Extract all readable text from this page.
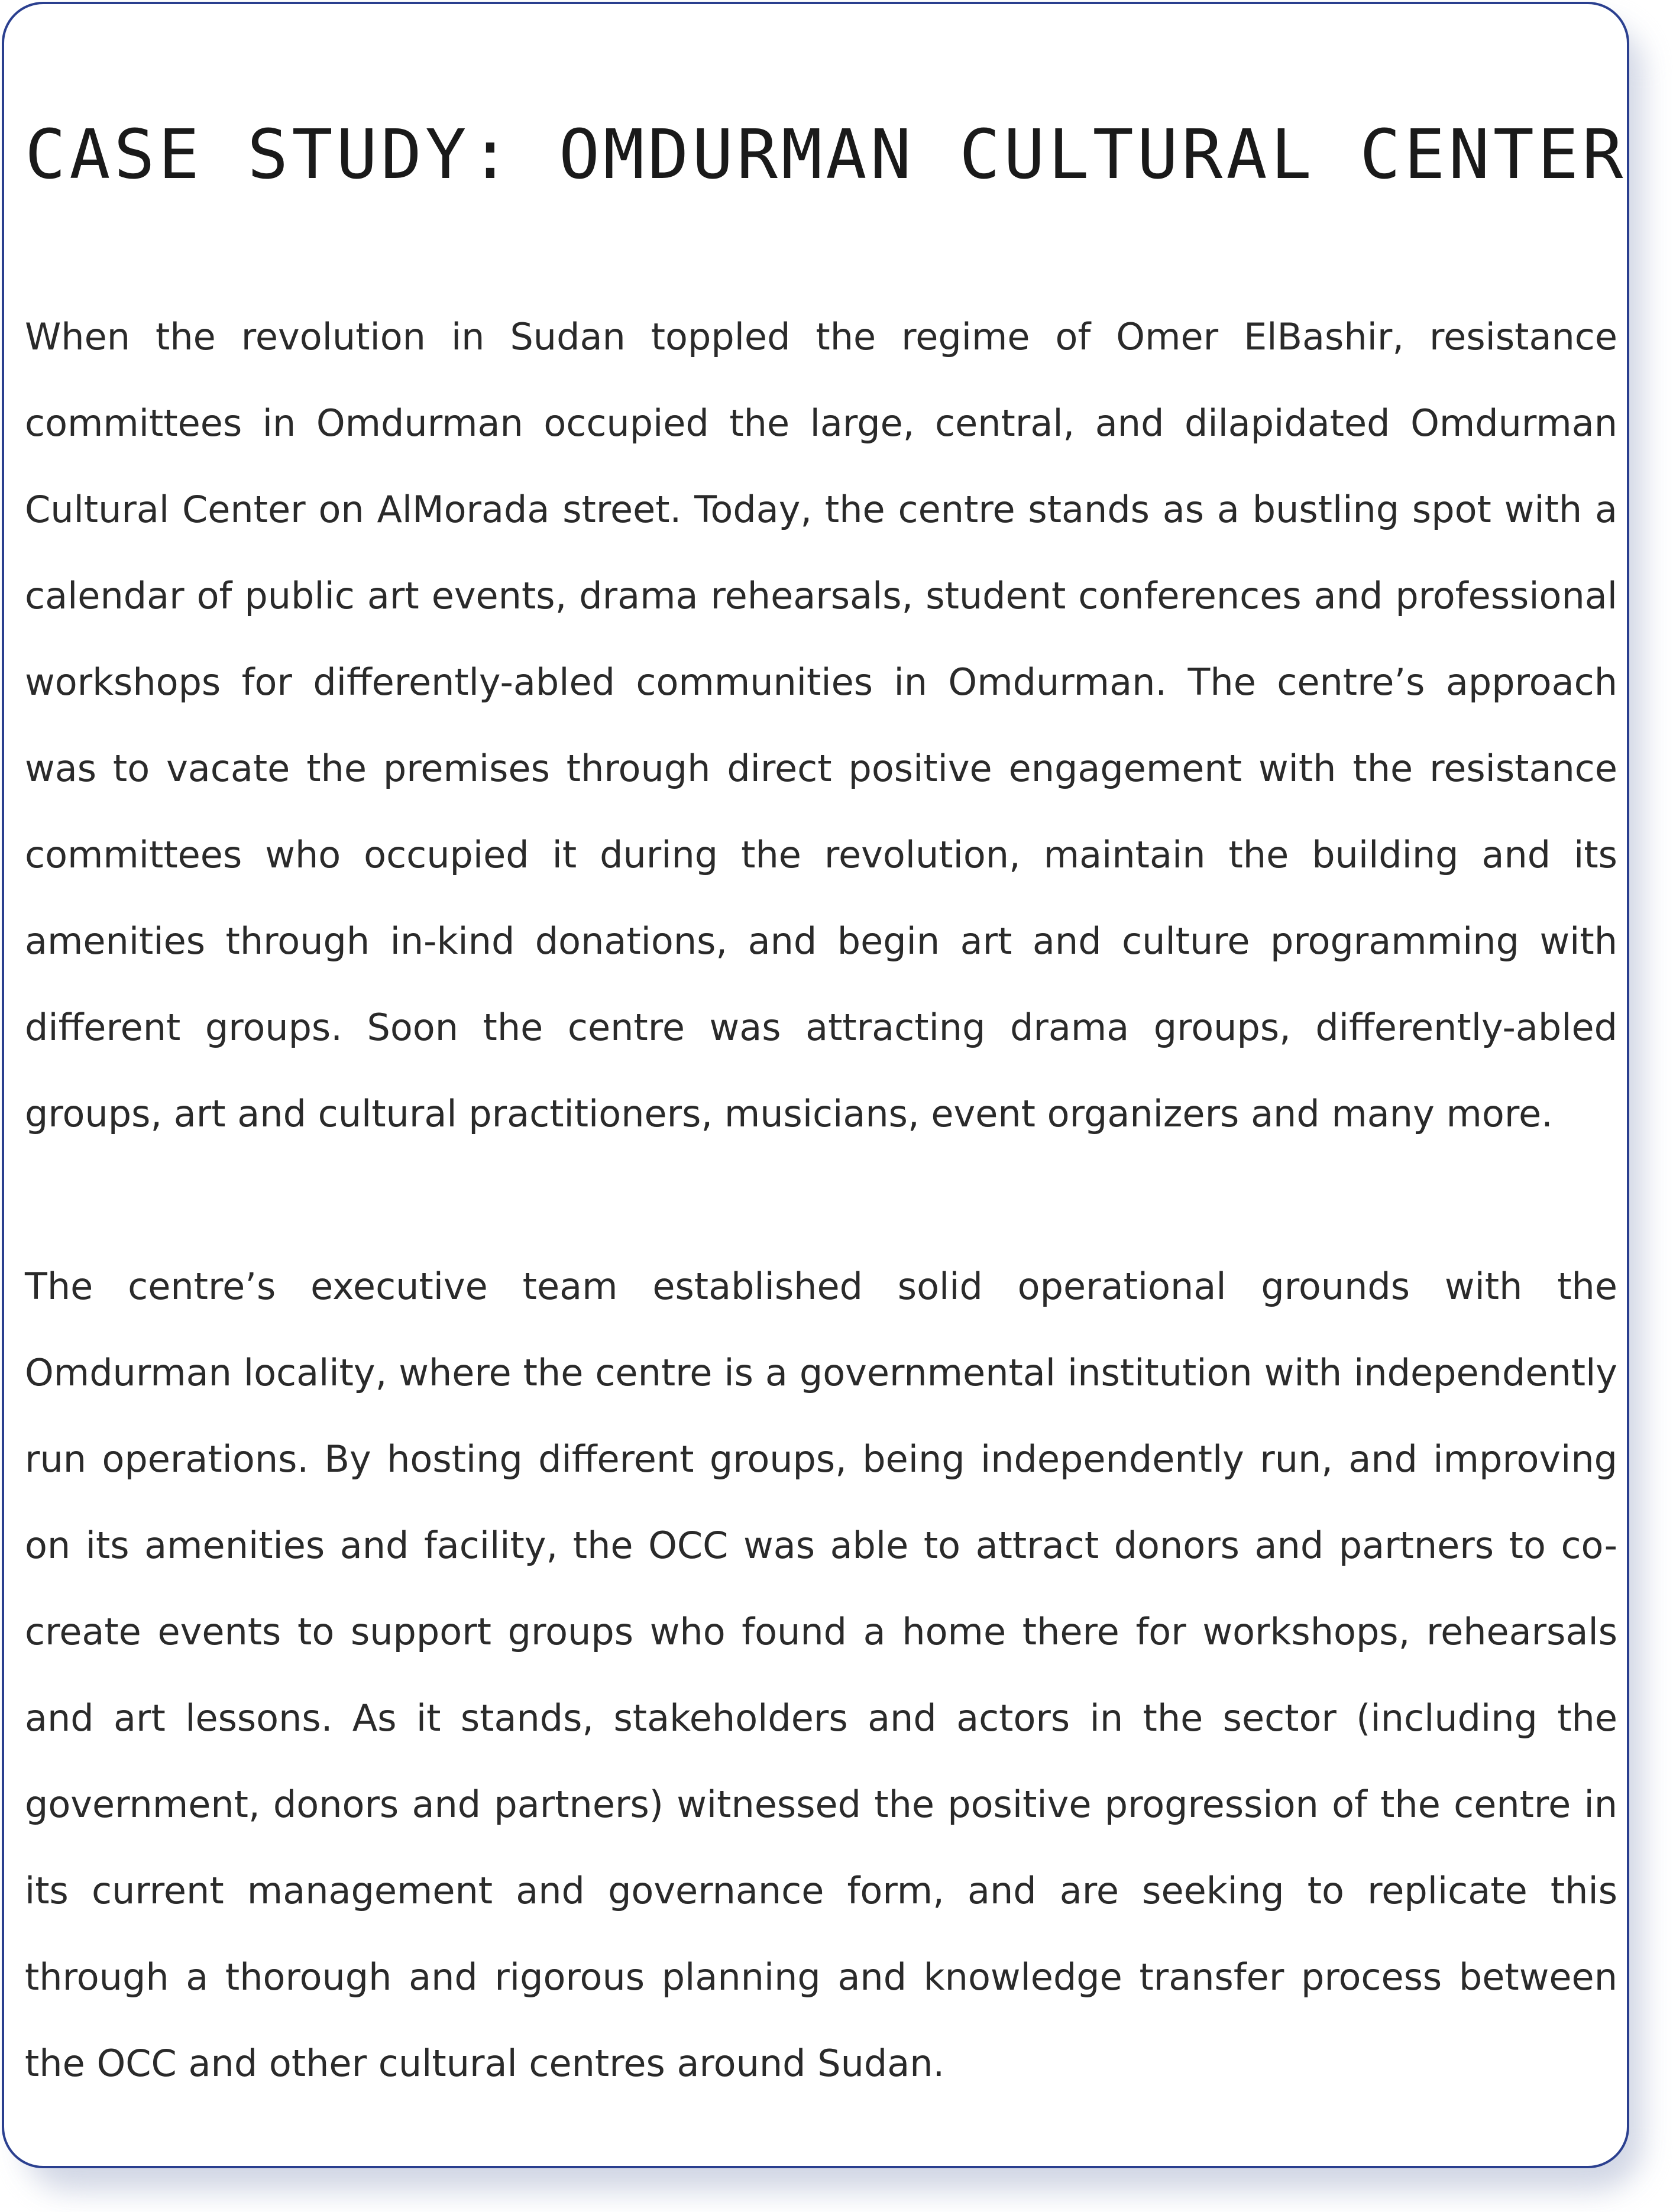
CASE STUDY: OMDURMAN CULTURAL CENTER

When the revolution in Sudan toppled the regime of Omer ElBashir, resistance committees in Omdurman occupied the large, central, and dilapidated Omdurman Cultural Center on AlMorada street. Today, the centre stands as a bustling spot with a calendar of public art events, drama rehearsals, student conferences and professional workshops for differently-abled communities in Omdurman. The centre’s approach was to vacate the premises through direct positive engagement with the resistance committees who occupied it during the revolution, maintain the building and its amenities through in-kind donations, and begin art and culture programming with different groups. Soon the centre was attracting drama groups, differently-abled groups, art and cultural practitioners, musicians, event organizers and many more.

The centre’s executive team established solid operational grounds with the Omdurman locality, where the centre is a governmental institution with independently run operations. By hosting different groups, being independently run, and improving on its amenities and facility, the OCC was able to attract donors and partners to co-create events to support groups who found a home there for workshops, rehearsals and art lessons. As it stands, stakeholders and actors in the sector (including the government, donors and partners) witnessed the positive progression of the centre in its current management and governance form, and are seeking to replicate this through a thorough and rigorous planning and knowledge transfer process between the OCC and other cultural centres around Sudan.
